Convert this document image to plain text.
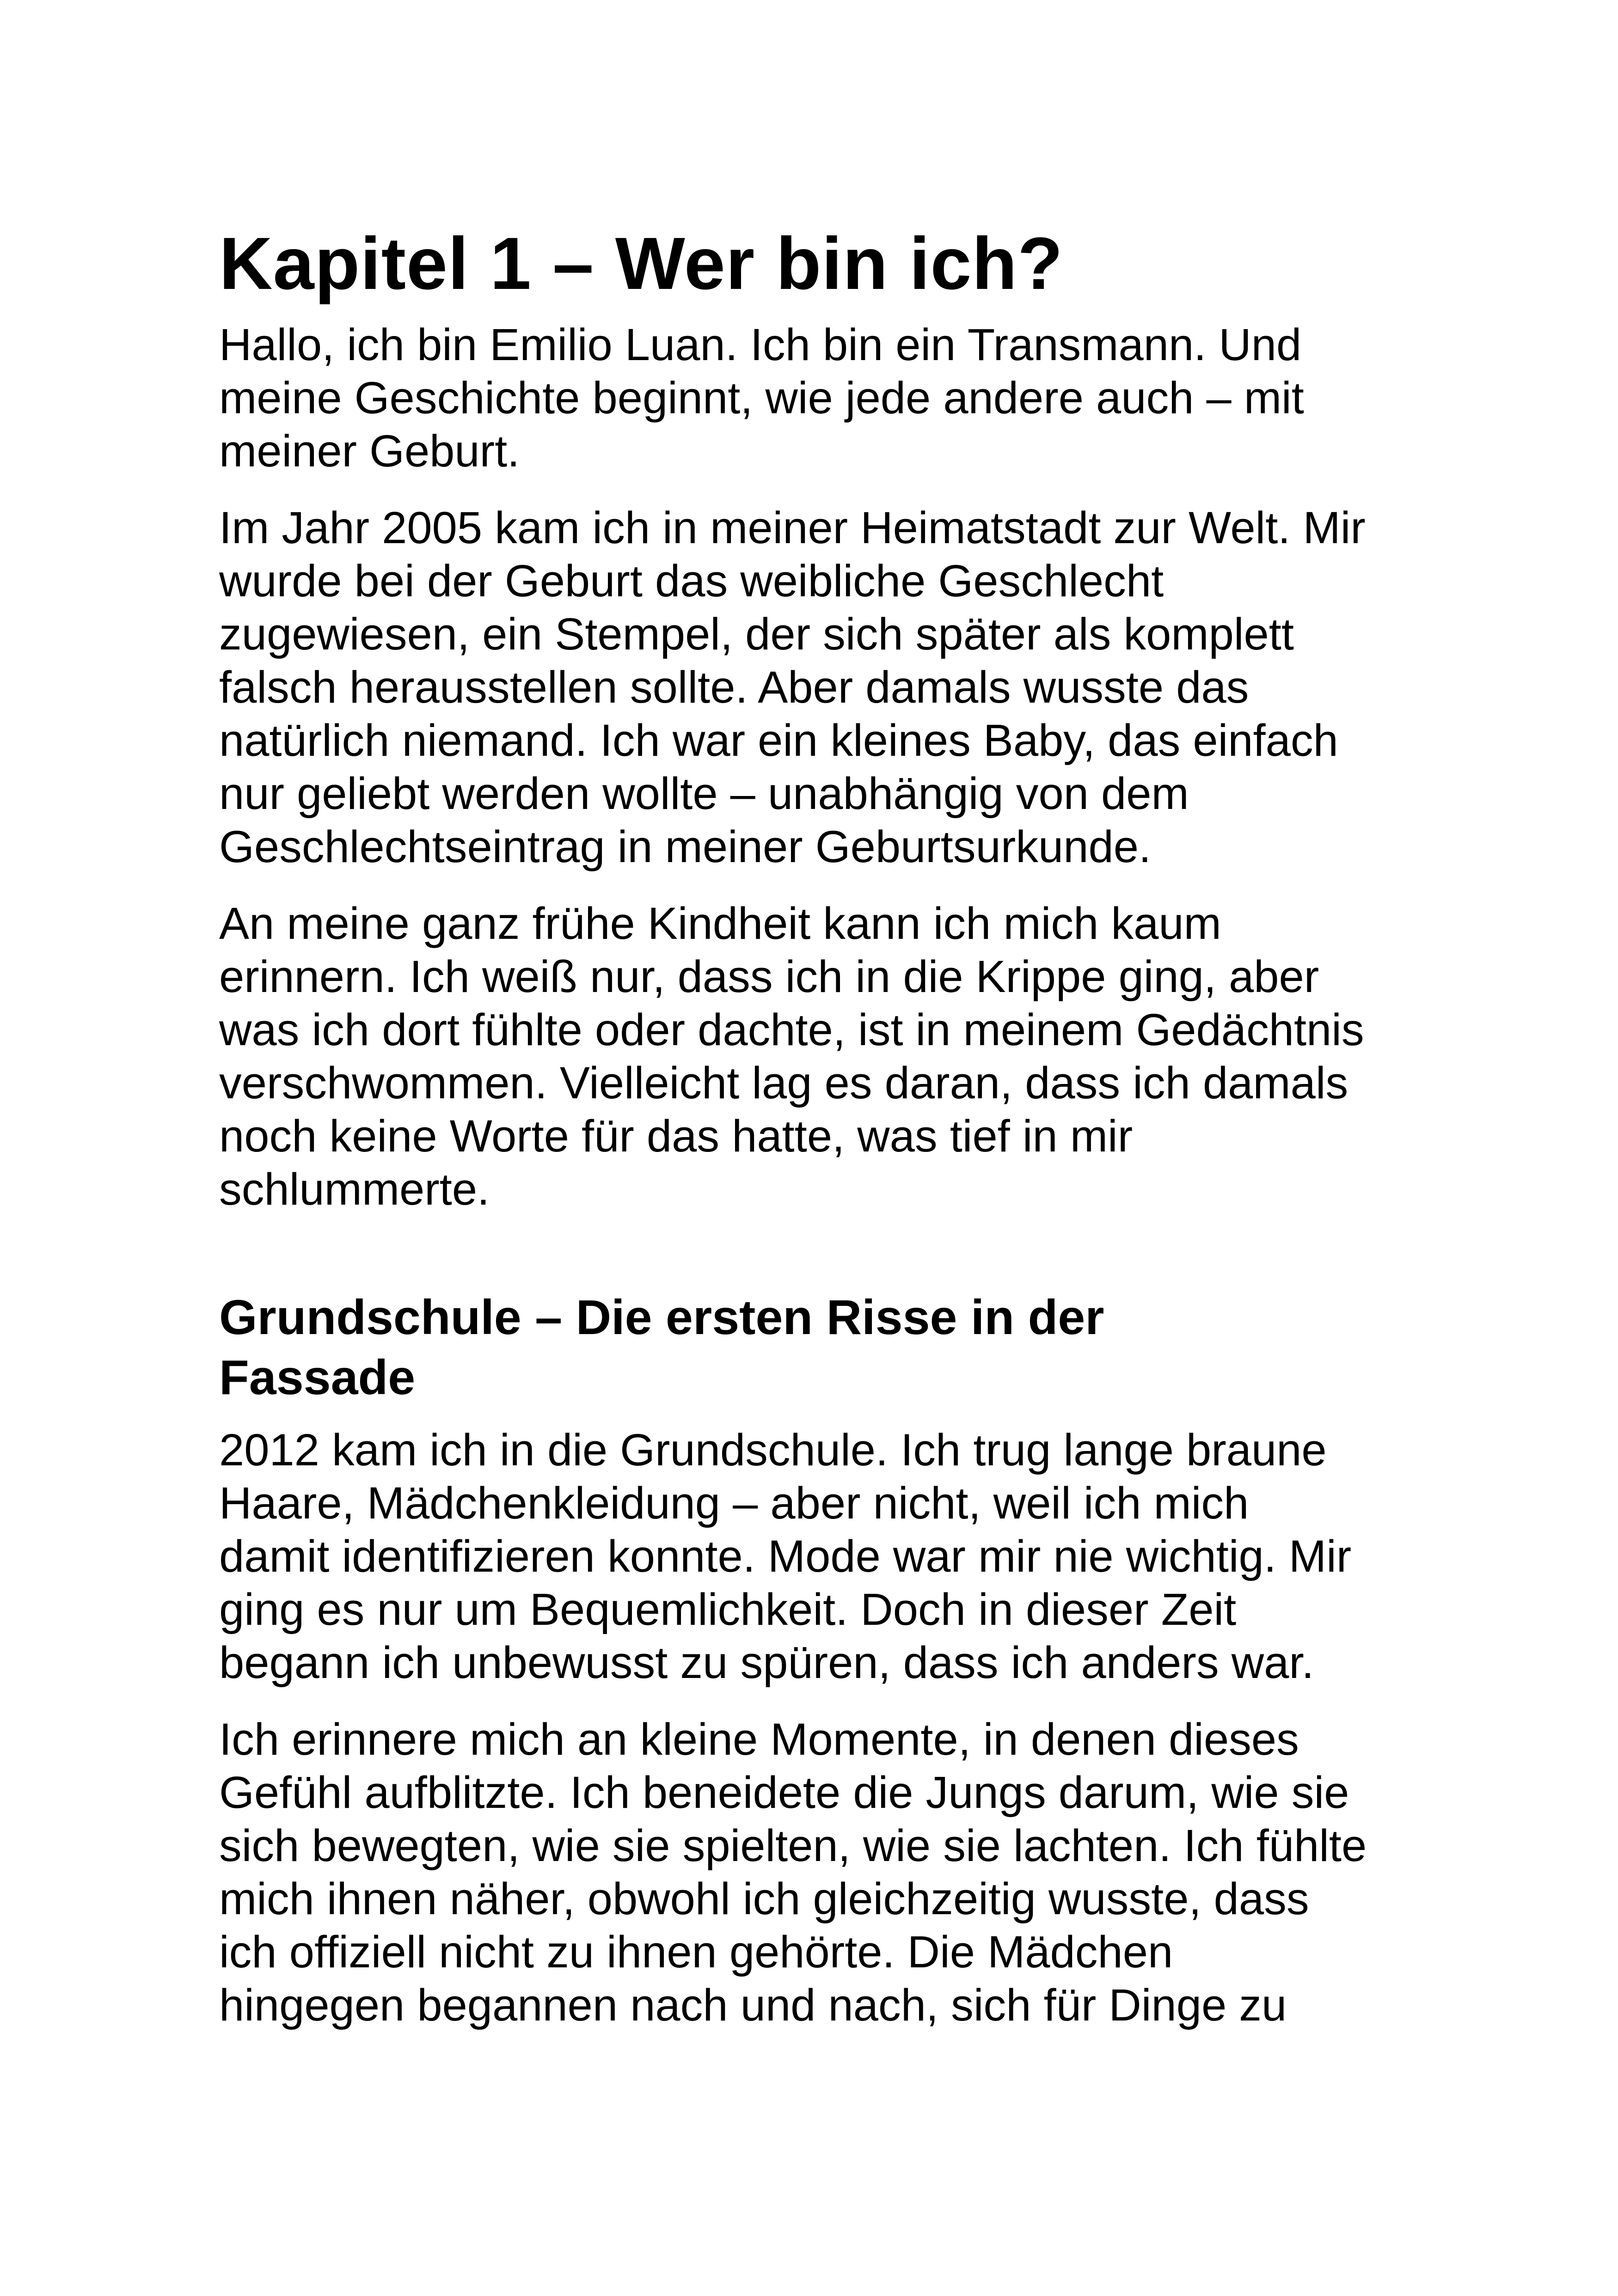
Kapitel 1 – Wer bin ich?

Hallo, ich bin Emilio Luan. Ich bin ein Transmann. Und
meine Geschichte beginnt, wie jede andere auch – mit
meiner Geburt.

Im Jahr 2005 kam ich in meiner Heimatstadt zur Welt. Mir
wurde bei der Geburt das weibliche Geschlecht
zugewiesen, ein Stempel, der sich später als komplett
falsch herausstellen sollte. Aber damals wusste das
natürlich niemand. Ich war ein kleines Baby, das einfach
nur geliebt werden wollte – unabhängig von dem
Geschlechtseintrag in meiner Geburtsurkunde.

An meine ganz frühe Kindheit kann ich mich kaum
erinnern. Ich weiß nur, dass ich in die Krippe ging, aber
was ich dort fühlte oder dachte, ist in meinem Gedächtnis
verschwommen. Vielleicht lag es daran, dass ich damals
noch keine Worte für das hatte, was tief in mir
schlummerte.

Grundschule – Die ersten Risse in der
Fassade

2012 kam ich in die Grundschule. Ich trug lange braune
Haare, Mädchenkleidung – aber nicht, weil ich mich
damit identifizieren konnte. Mode war mir nie wichtig. Mir
ging es nur um Bequemlichkeit. Doch in dieser Zeit
begann ich unbewusst zu spüren, dass ich anders war.

Ich erinnere mich an kleine Momente, in denen dieses
Gefühl aufblitzte. Ich beneidete die Jungs darum, wie sie
sich bewegten, wie sie spielten, wie sie lachten. Ich fühlte
mich ihnen näher, obwohl ich gleichzeitig wusste, dass
ich offiziell nicht zu ihnen gehörte. Die Mädchen
hingegen begannen nach und nach, sich für Dinge zu
